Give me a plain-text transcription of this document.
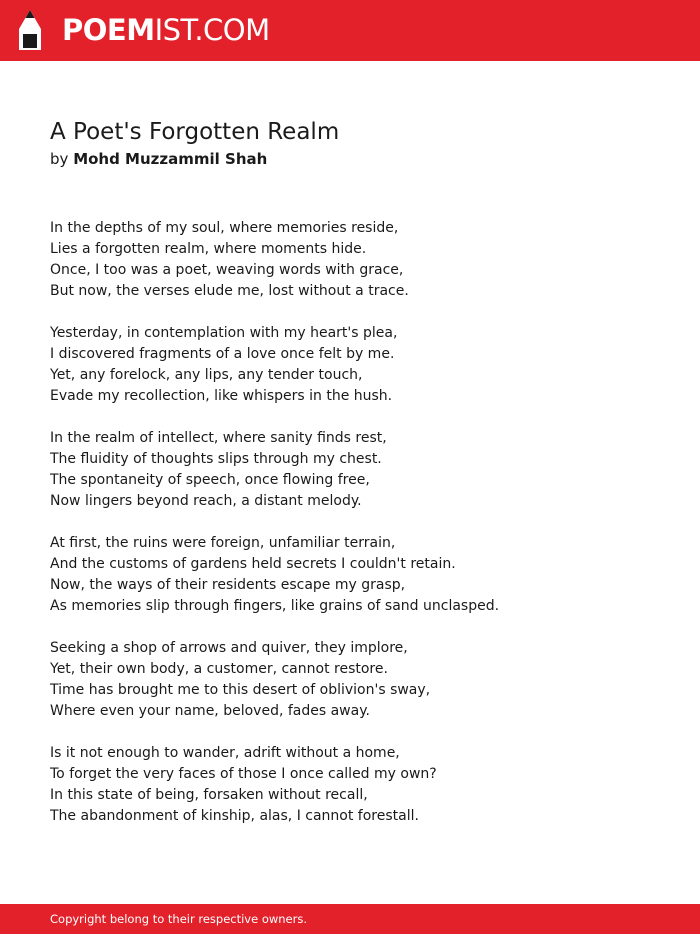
POEMIST.COM
A Poet's Forgotten Realm
by Mohd Muzzammil Shah
In the depths of my soul, where memories reside,
Lies a forgotten realm, where moments hide.
Once, I too was a poet, weaving words with grace,
But now, the verses elude me, lost without a trace.
Yesterday, in contemplation with my heart's plea,
I discovered fragments of a love once felt by me.
Yet, any forelock, any lips, any tender touch,
Evade my recollection, like whispers in the hush.
In the realm of intellect, where sanity finds rest,
The fluidity of thoughts slips through my chest.
The spontaneity of speech, once flowing free,
Now lingers beyond reach, a distant melody.
At first, the ruins were foreign, unfamiliar terrain,
And the customs of gardens held secrets I couldn't retain.
Now, the ways of their residents escape my grasp,
As memories slip through fingers, like grains of sand unclasped.
Seeking a shop of arrows and quiver, they implore,
Yet, their own body, a customer, cannot restore.
Time has brought me to this desert of oblivion's sway,
Where even your name, beloved, fades away.
Is it not enough to wander, adrift without a home,
To forget the very faces of those I once called my own?
In this state of being, forsaken without recall,
The abandonment of kinship, alas, I cannot forestall.
Copyright belong to their respective owners.
